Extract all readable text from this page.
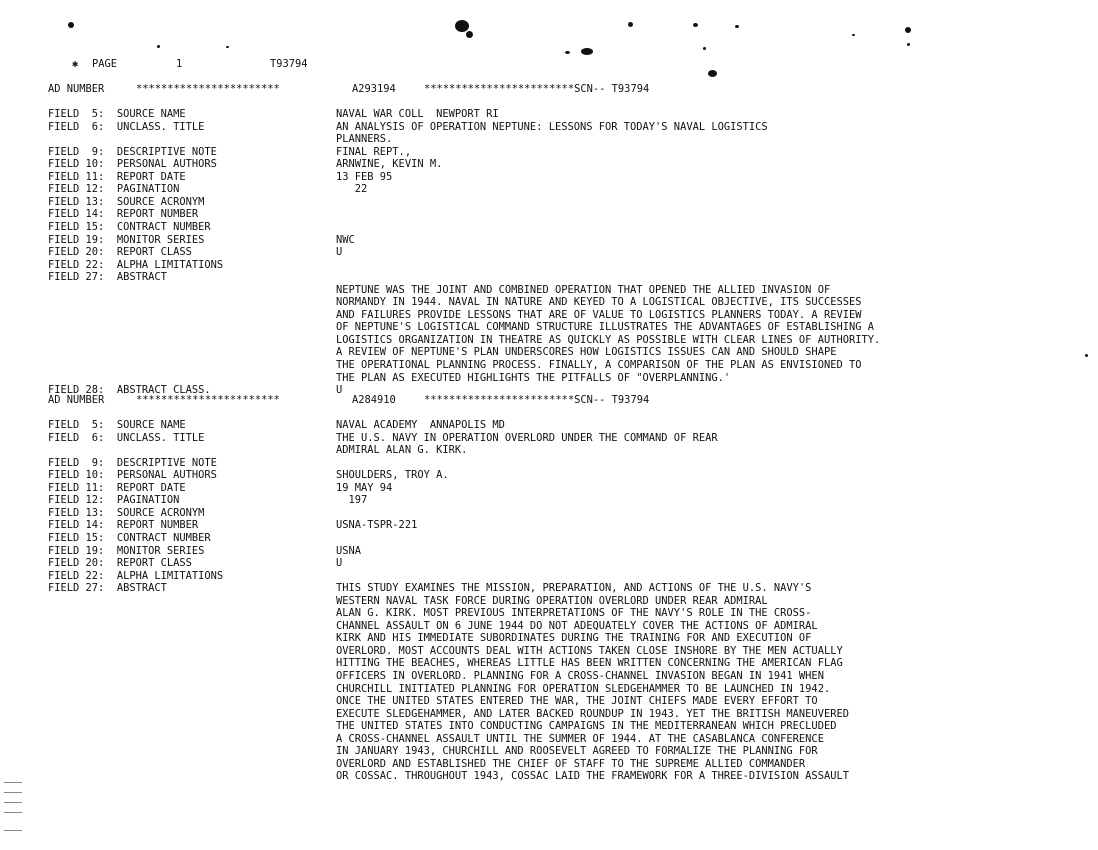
✱ PAGE	1	T93794

AD NUMBER

	***********************

	A293194

	************************SCN-- T93794

FIELD  5:  SOURCE NAME	NAVAL WAR COLL  NEWPORT RI
FIELD  6:  UNCLASS. TITLE	AN ANALYSIS OF OPERATION NEPTUNE: LESSONS FOR TODAY'S NAVAL LOGISTICS
PLANNERS.
FIELD  9:  DESCRIPTIVE NOTE	FINAL REPT.,
FIELD 10:  PERSONAL AUTHORS	ARNWINE, KEVIN M.
FIELD 11:  REPORT DATE	13 FEB 95
FIELD 12:  PAGINATION	22
FIELD 13:  SOURCE ACRONYM
FIELD 14:  REPORT NUMBER
FIELD 15:  CONTRACT NUMBER
FIELD 19:  MONITOR SERIES	NWC
FIELD 20:  REPORT CLASS	U
FIELD 22:  ALPHA LIMITATIONS
FIELD 27:  ABSTRACT
NEPTUNE WAS THE JOINT AND COMBINED OPERATION THAT OPENED THE ALLIED INVASION OF
NORMANDY IN 1944. NAVAL IN NATURE AND KEYED TO A LOGISTICAL OBJECTIVE, ITS SUCCESSES
AND FAILURES PROVIDE LESSONS THAT ARE OF VALUE TO LOGISTICS PLANNERS TODAY. A REVIEW
OF NEPTUNE'S LOGISTICAL COMMAND STRUCTURE ILLUSTRATES THE ADVANTAGES OF ESTABLISHING A
LOGISTICS ORGANIZATION IN THEATRE AS QUICKLY AS POSSIBLE WITH CLEAR LINES OF AUTHORITY.
A REVIEW OF NEPTUNE'S PLAN UNDERSCORES HOW LOGISTICS ISSUES CAN AND SHOULD SHAPE
THE OPERATIONAL PLANNING PROCESS. FINALLY, A COMPARISON OF THE PLAN AS ENVISIONED TO
THE PLAN AS EXECUTED HIGHLIGHTS THE PITFALLS OF "OVERPLANNING.'
FIELD 28:  ABSTRACT CLASS.	U

AD NUMBER

	***********************

	A284910

	************************SCN-- T93794

FIELD  5:  SOURCE NAME	NAVAL ACADEMY  ANNAPOLIS MD
FIELD  6:  UNCLASS. TITLE	THE U.S. NAVY IN OPERATION OVERLORD UNDER THE COMMAND OF REAR
ADMIRAL ALAN G. KIRK.
FIELD  9:  DESCRIPTIVE NOTE
FIELD 10:  PERSONAL AUTHORS	SHOULDERS, TROY A.
FIELD 11:  REPORT DATE	19 MAY 94
FIELD 12:  PAGINATION	197
FIELD 13:  SOURCE ACRONYM
FIELD 14:  REPORT NUMBER	USNA-TSPR-221
FIELD 15:  CONTRACT NUMBER
FIELD 19:  MONITOR SERIES	USNA
FIELD 20:  REPORT CLASS	U
FIELD 22:  ALPHA LIMITATIONS
FIELD 27:  ABSTRACT	THIS STUDY EXAMINES THE MISSION, PREPARATION, AND ACTIONS OF THE U.S. NAVY'S
WESTERN NAVAL TASK FORCE DURING OPERATION OVERLORD UNDER REAR ADMIRAL
ALAN G. KIRK. MOST PREVIOUS INTERPRETATIONS OF THE NAVY'S ROLE IN THE CROSS-
CHANNEL ASSAULT ON 6 JUNE 1944 DO NOT ADEQUATELY COVER THE ACTIONS OF ADMIRAL
KIRK AND HIS IMMEDIATE SUBORDINATES DURING THE TRAINING FOR AND EXECUTION OF
OVERLORD. MOST ACCOUNTS DEAL WITH ACTIONS TAKEN CLOSE INSHORE BY THE MEN ACTUALLY
HITTING THE BEACHES, WHEREAS LITTLE HAS BEEN WRITTEN CONCERNING THE AMERICAN FLAG
OFFICERS IN OVERLORD. PLANNING FOR A CROSS-CHANNEL INVASION BEGAN IN 1941 WHEN
CHURCHILL INITIATED PLANNING FOR OPERATION SLEDGEHAMMER TO BE LAUNCHED IN 1942.
ONCE THE UNITED STATES ENTERED THE WAR, THE JOINT CHIEFS MADE EVERY EFFORT TO
EXECUTE SLEDGEHAMMER, AND LATER BACKED ROUNDUP IN 1943. YET THE BRITISH MANEUVERED
THE UNITED STATES INTO CONDUCTING CAMPAIGNS IN THE MEDITERRANEAN WHICH PRECLUDED
A CROSS-CHANNEL ASSAULT UNTIL THE SUMMER OF 1944. AT THE CASABLANCA CONFERENCE
IN JANUARY 1943, CHURCHILL AND ROOSEVELT AGREED TO FORMALIZE THE PLANNING FOR
OVERLORD AND ESTABLISHED THE CHIEF OF STAFF TO THE SUPREME ALLIED COMMANDER
OR COSSAC. THROUGHOUT 1943, COSSAC LAID THE FRAMEWORK FOR A THREE-DIVISION ASSAULT
